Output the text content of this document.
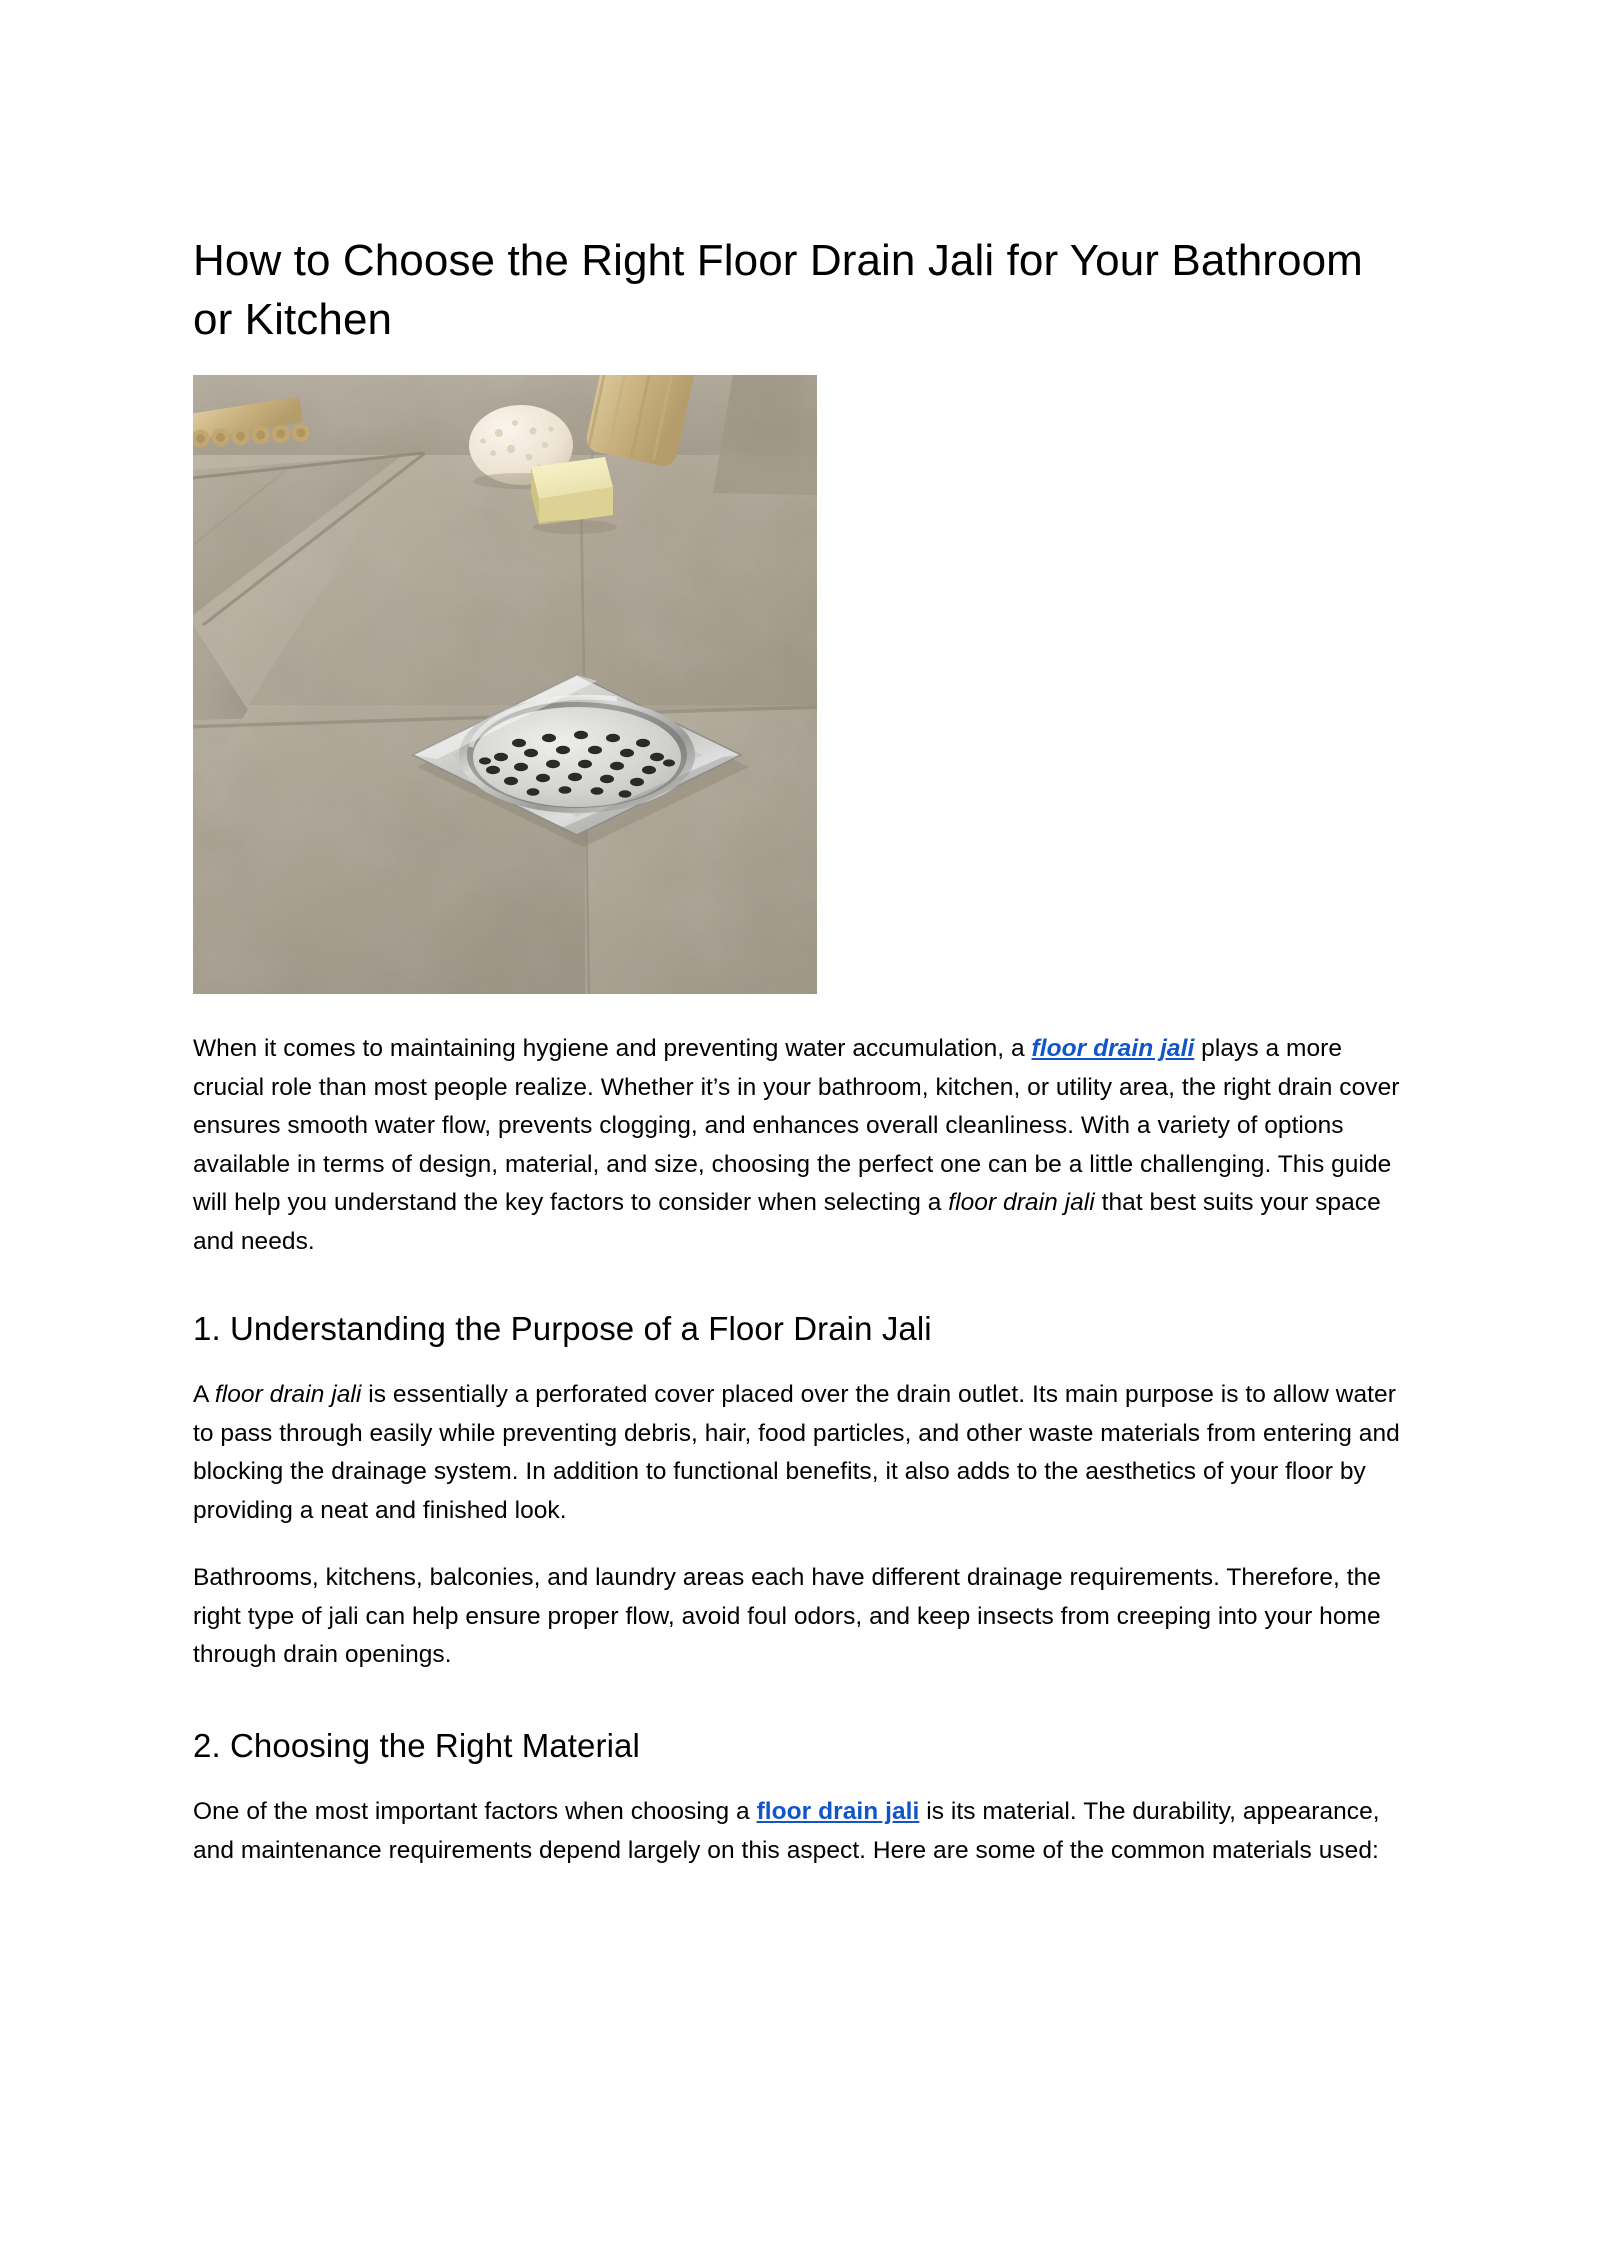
How to Choose the Right Floor Drain Jali for Your Bathroom or Kitchen

When it comes to maintaining hygiene and preventing water accumulation, a floor drain jali plays a more crucial role than most people realize. Whether it’s in your bathroom, kitchen, or utility area, the right drain cover ensures smooth water flow, prevents clogging, and enhances overall cleanliness. With a variety of options available in terms of design, material, and size, choosing the perfect one can be a little challenging. This guide will help you understand the key factors to consider when selecting a floor drain jali that best suits your space and needs.

1. Understanding the Purpose of a Floor Drain Jali

A floor drain jali is essentially a perforated cover placed over the drain outlet. Its main purpose is to allow water to pass through easily while preventing debris, hair, food particles, and other waste materials from entering and blocking the drainage system. In addition to functional benefits, it also adds to the aesthetics of your floor by providing a neat and finished look.

Bathrooms, kitchens, balconies, and laundry areas each have different drainage requirements. Therefore, the right type of jali can help ensure proper flow, avoid foul odors, and keep insects from creeping into your home through drain openings.

2. Choosing the Right Material

One of the most important factors when choosing a floor drain jali is its material. The durability, appearance, and maintenance requirements depend largely on this aspect. Here are some of the common materials used:
